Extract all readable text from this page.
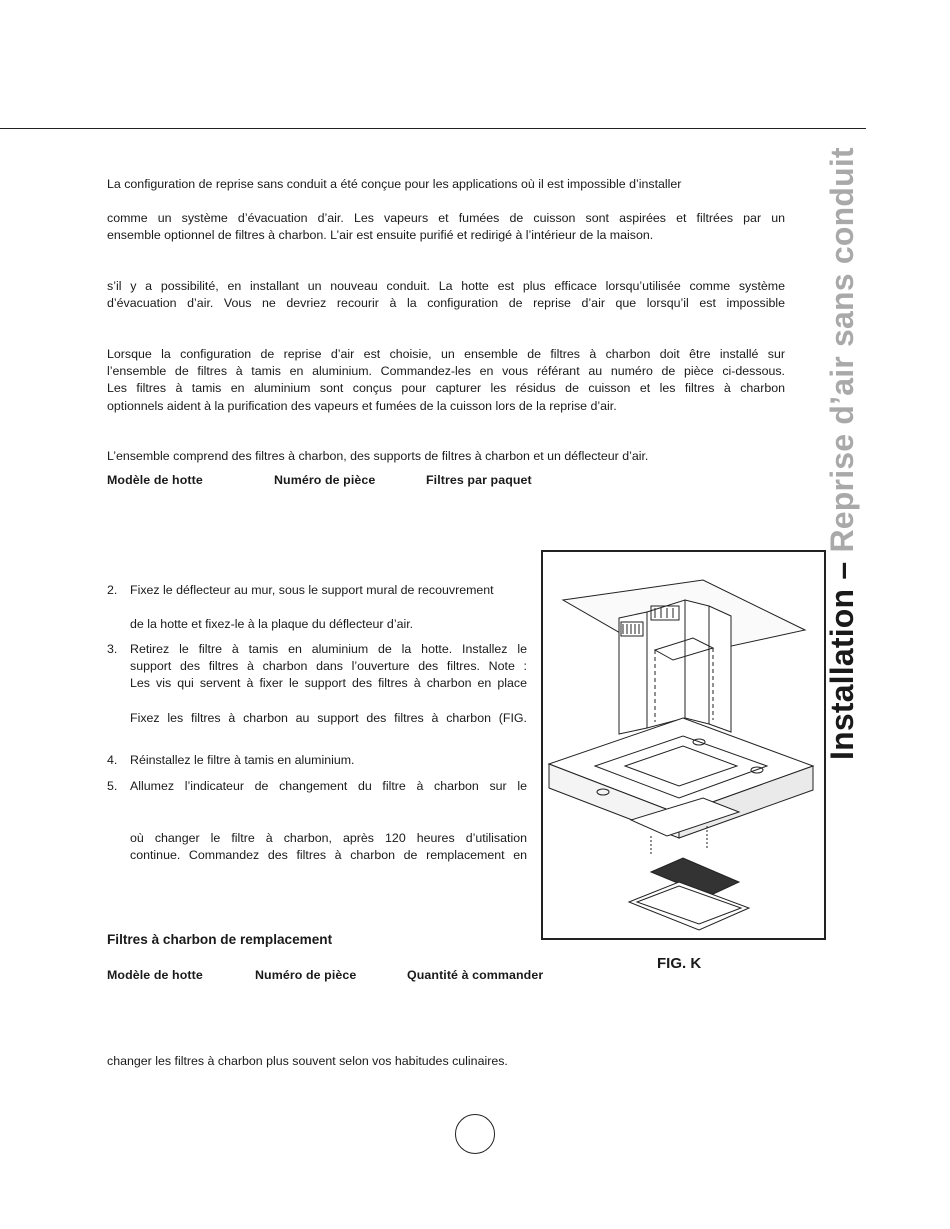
La configuration de reprise sans conduit a été conçue pour les applications où il est impossible d’installer

comme un système d’évacuation d’air. Les vapeurs et fumées de cuisson sont aspirées et filtrées par un
ensemble optionnel de filtres à charbon. L’air est ensuite purifié et redirigé à l’intérieur de la maison.

s’il y a possibilité, en installant un nouveau conduit. La hotte est plus efficace lorsqu’utilisée comme système
d’évacuation d’air. Vous ne devriez recourir à la configuration de reprise d’air que lorsqu’il est impossible

Lorsque la configuration de reprise d’air est choisie, un ensemble de filtres à charbon doit être installé sur
l’ensemble de filtres à tamis en aluminium. Commandez-les en vous référant au numéro de pièce ci-dessous.
Les filtres à tamis en aluminium sont conçus pour capturer les résidus de cuisson et les filtres à charbon
optionnels aident à la purification des vapeurs et fumées de la cuisson lors de la reprise d’air.

L’ensemble comprend des filtres à charbon, des supports de filtres à charbon et un déflecteur d’air.

Modèle de hotte	Numéro de pièce	Filtres par paquet
2. Fixez le déflecteur au mur, sous le support mural de recouvrement
de la hotte et fixez-le à la plaque du déflecteur d’air.
3. Retirez le filtre à tamis en aluminium de la hotte. Installez le
support des filtres à charbon dans l’ouverture des filtres. Note :
Les vis qui servent à fixer le support des filtres à charbon en place
Fixez les filtres à charbon au support des filtres à charbon (FIG.
4. Réinstallez le filtre à tamis en aluminium.
5. Allumez l’indicateur de changement du filtre à charbon sur le
où changer le filtre à charbon, après 120 heures d’utilisation
continue. Commandez des filtres à charbon de remplacement en
FIG. K
Installation – Reprise d’air sans conduit
Filtres à charbon de remplacement
Modèle de hotte	Numéro de pièce	Quantité à commander

changer les filtres à charbon plus souvent selon vos habitudes culinaires.
